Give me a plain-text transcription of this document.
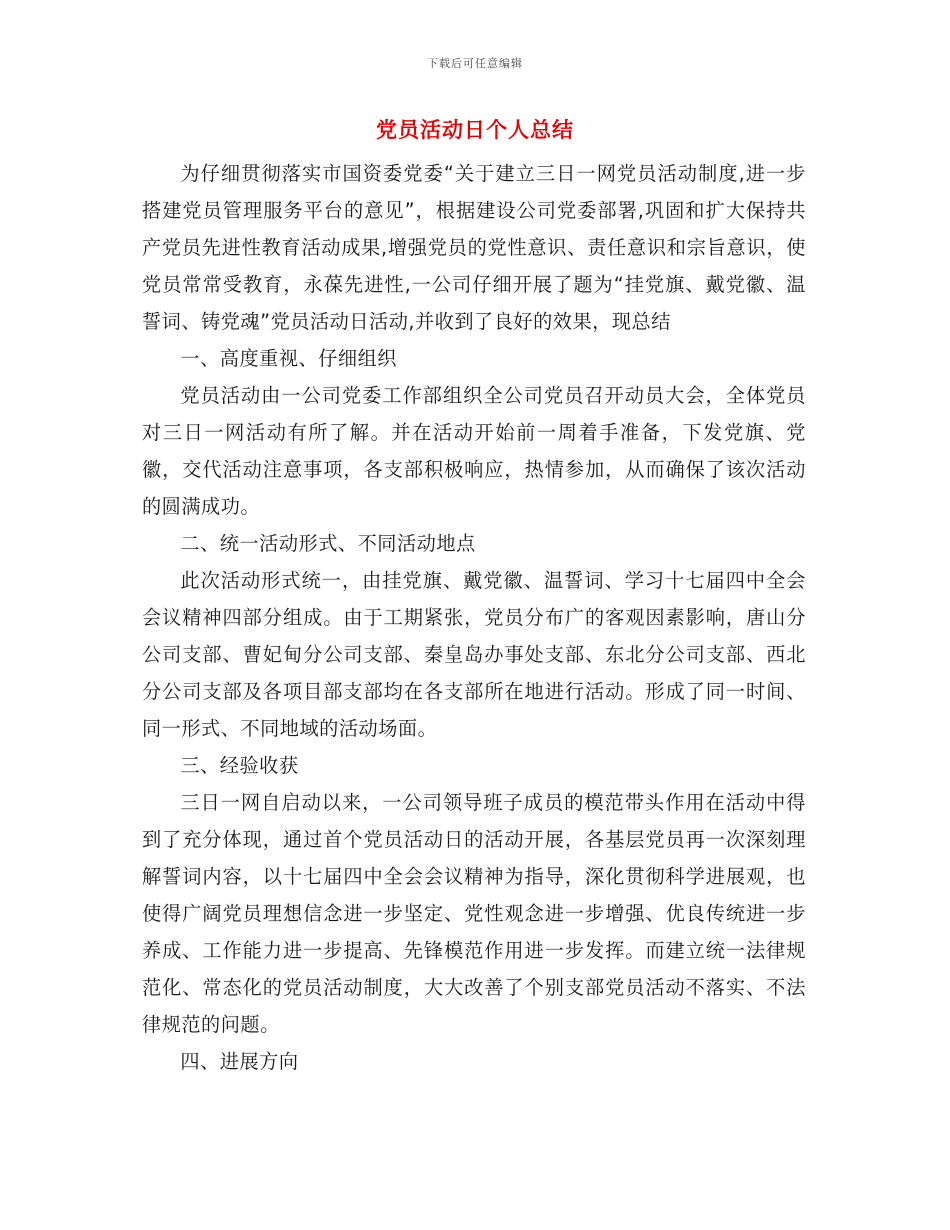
下载后可任意编辑
党员活动日个人总结

为仔细贯彻落实市国资委党委“关于建立三日一网党员活动制度,进一步搭建党员管理服务平台的意见”，根据建设公司党委部署,巩固和扩大保持共产党员先进性教育活动成果,增强党员的党性意识、责任意识和宗旨意识，使党员常常受教育，永葆先进性,一公司仔细开展了题为“挂党旗、戴党徽、温誓词、铸党魂”党员活动日活动,并收到了良好的效果，现总结

一、高度重视、仔细组织

党员活动由一公司党委工作部组织全公司党员召开动员大会，全体党员对三日一网活动有所了解。并在活动开始前一周着手准备，下发党旗、党徽，交代活动注意事项，各支部积极响应，热情参加，从而确保了该次活动的圆满成功。

二、统一活动形式、不同活动地点

此次活动形式统一，由挂党旗、戴党徽、温誓词、学习十七届四中全会会议精神四部分组成。由于工期紧张，党员分布广的客观因素影响，唐山分公司支部、曹妃甸分公司支部、秦皇岛办事处支部、东北分公司支部、西北分公司支部及各项目部支部均在各支部所在地进行活动。形成了同一时间、同一形式、不同地域的活动场面。

三、经验收获

三日一网自启动以来，一公司领导班子成员的模范带头作用在活动中得到了充分体现，通过首个党员活动日的活动开展，各基层党员再一次深刻理解誓词内容，以十七届四中全会会议精神为指导，深化贯彻科学进展观，也使得广阔党员理想信念进一步坚定、党性观念进一步增强、优良传统进一步养成、工作能力进一步提高、先锋模范作用进一步发挥。而建立统一法律规范化、常态化的党员活动制度，大大改善了个别支部党员活动不落实、不法律规范的问题。

四、进展方向
